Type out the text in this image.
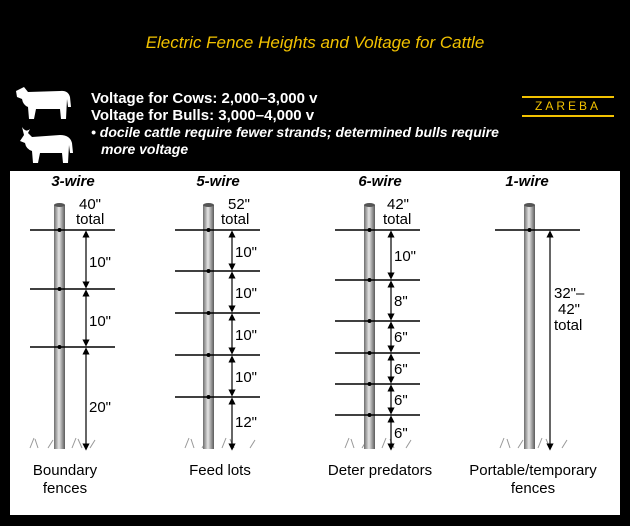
Electric Fence Heights and Voltage for Cattle
Voltage for Cows: 2,000–3,000 v
Voltage for Bulls: 3,000–4,000 v
• docile cattle require fewer strands; determined bulls require
more voltage
ZAREBA
3-wire	5-wire	6-wire	1-wire
40"
total
10"
10"
20"
52"
total
10"
10"
10"
10"
12"
42"
total
10"
8"
6"
6"
6"
6"
32"–
42"
total
Boundary
fences
Feed lots	Deter predators	Portable/temporary
fences
